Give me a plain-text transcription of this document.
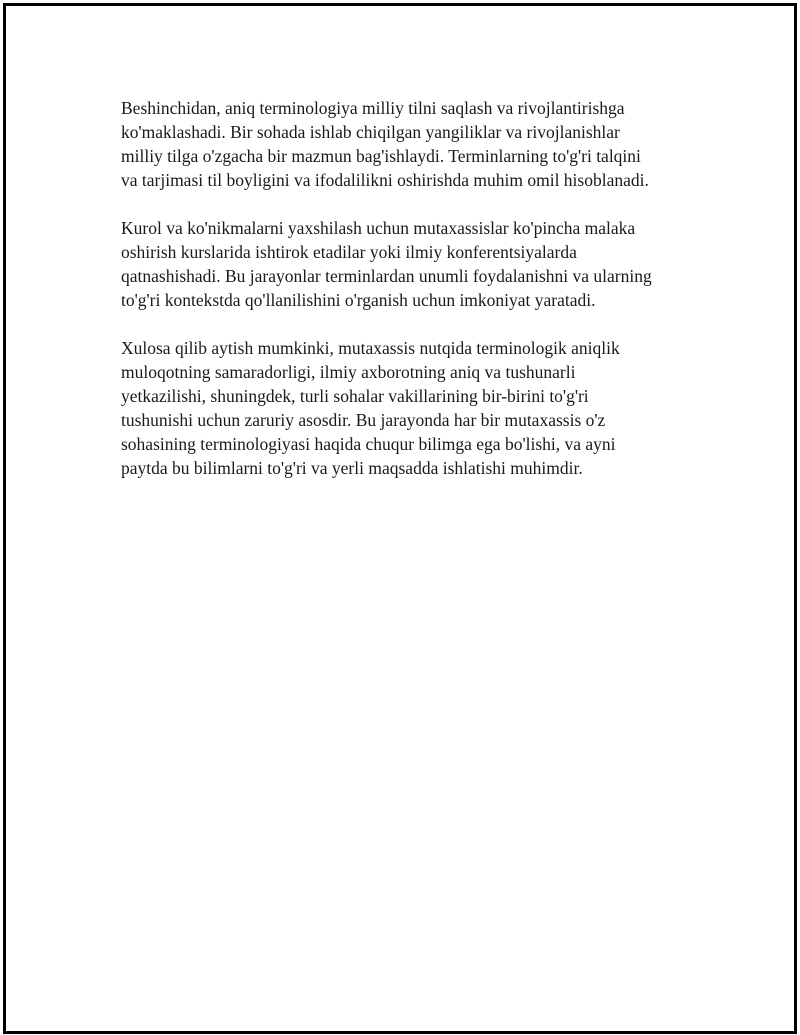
Beshinchidan, aniq terminologiya milliy tilni saqlash va rivojlantirishga
ko'maklashadi. Bir sohada ishlab chiqilgan yangiliklar va rivojlanishlar
milliy tilga o'zgacha bir mazmun bag'ishlaydi. Terminlarning to'g'ri talqini
va tarjimasi til boyligini va ifodalilikni oshirishda muhim omil hisoblanadi.

Kurol va ko'nikmalarni yaxshilash uchun mutaxassislar ko'pincha malaka
oshirish kurslarida ishtirok etadilar yoki ilmiy konferentsiyalarda
qatnashishadi. Bu jarayonlar terminlardan unumli foydalanishni va ularning
to'g'ri kontekstda qo'llanilishini o'rganish uchun imkoniyat yaratadi.

Xulosa qilib aytish mumkinki, mutaxassis nutqida terminologik aniqlik
muloqotning samaradorligi, ilmiy axborotning aniq va tushunarli
yetkazilishi, shuningdek, turli sohalar vakillarining bir-birini to'g'ri
tushunishi uchun zaruriy asosdir. Bu jarayonda har bir mutaxassis o'z
sohasining terminologiyasi haqida chuqur bilimga ega bo'lishi, va ayni
paytda bu bilimlarni to'g'ri va yerli maqsadda ishlatishi muhimdir.
